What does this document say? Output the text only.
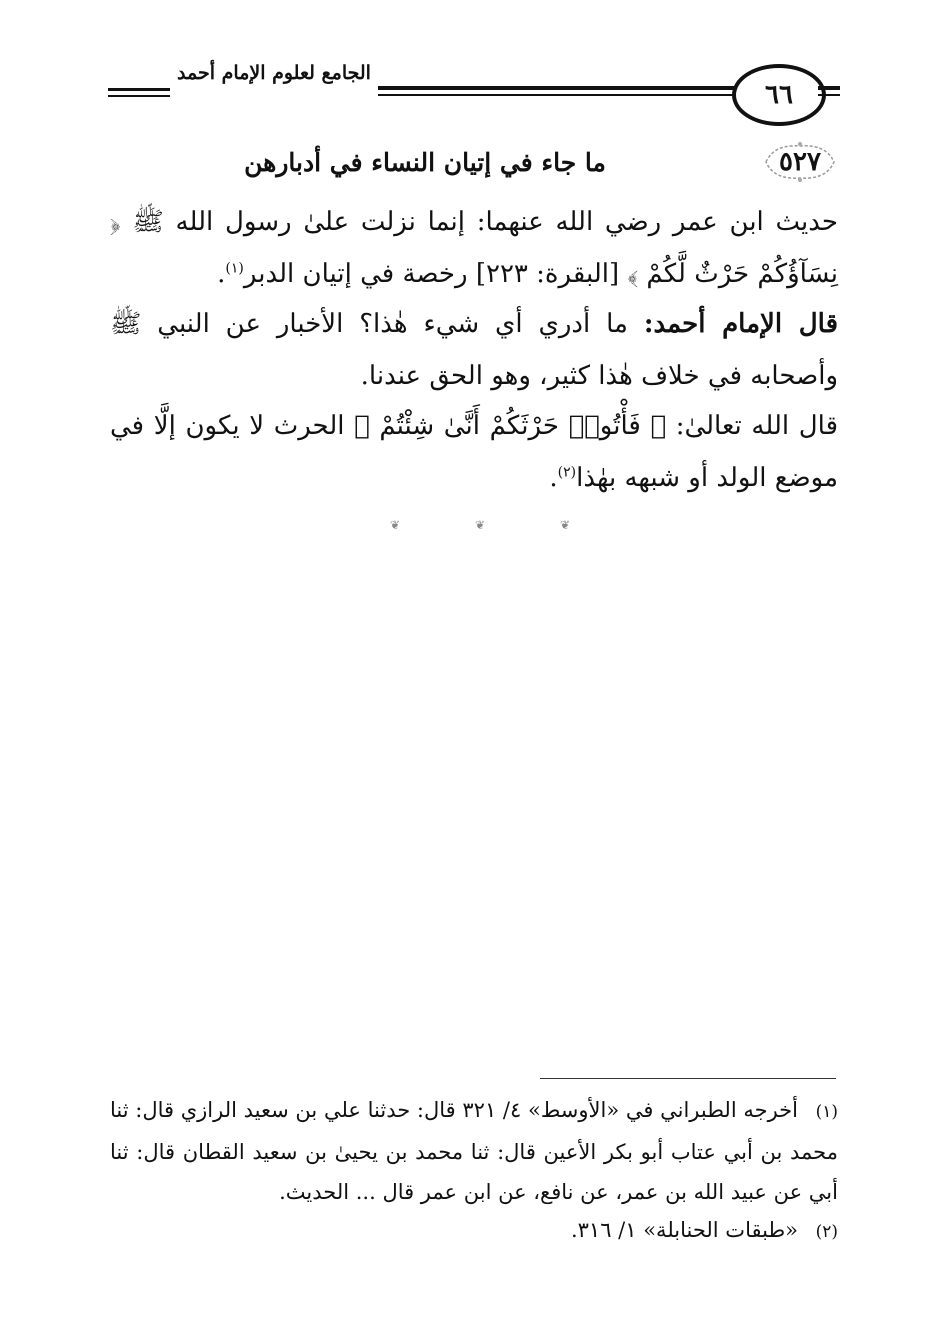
الجامع لعلوم الإمام أحمد
٦٦
٥٢٧
ما جاء في إتيان النساء في أدبارهن
حديث ابن عمر رضي الله عنهما: إنما نزلت علىٰ رسول الله ﷺ ﴿ نِسَآؤُكُمْ حَرْثٌ لَّكُمْ ﴾ [البقرة: ٢٢٣] رخصة في إتيان الدبر$^{(١)}$.
قال الإمام أحمد: ما أدري أي شيء هٰذا؟ الأخبار عن النبي ﷺ وأصحابه في خلاف هٰذا كثير، وهو الحق عندنا.
قال الله تعالىٰ: ﴿ فَأْتُوا۟ حَرْثَكُمْ أَنَّىٰ شِئْتُمْ ﴾ الحرث لا يكون إلَّا في موضع الولد أو شبهه بهٰذا$^{(٢)}$.
❦	❦	❦
(١)أخرجه الطبراني في «الأوسط» ٤/ ٣٢١ قال: حدثنا علي بن سعيد الرازي قال: ثنا محمد بن أبي عتاب أبو بكر الأعين قال: ثنا محمد بن يحيىٰ بن سعيد القطان قال: ثنا أبي عن عبيد الله بن عمر، عن نافع، عن ابن عمر قال ... الحديث.
(٢)«طبقات الحنابلة» ١/ ٣١٦.
